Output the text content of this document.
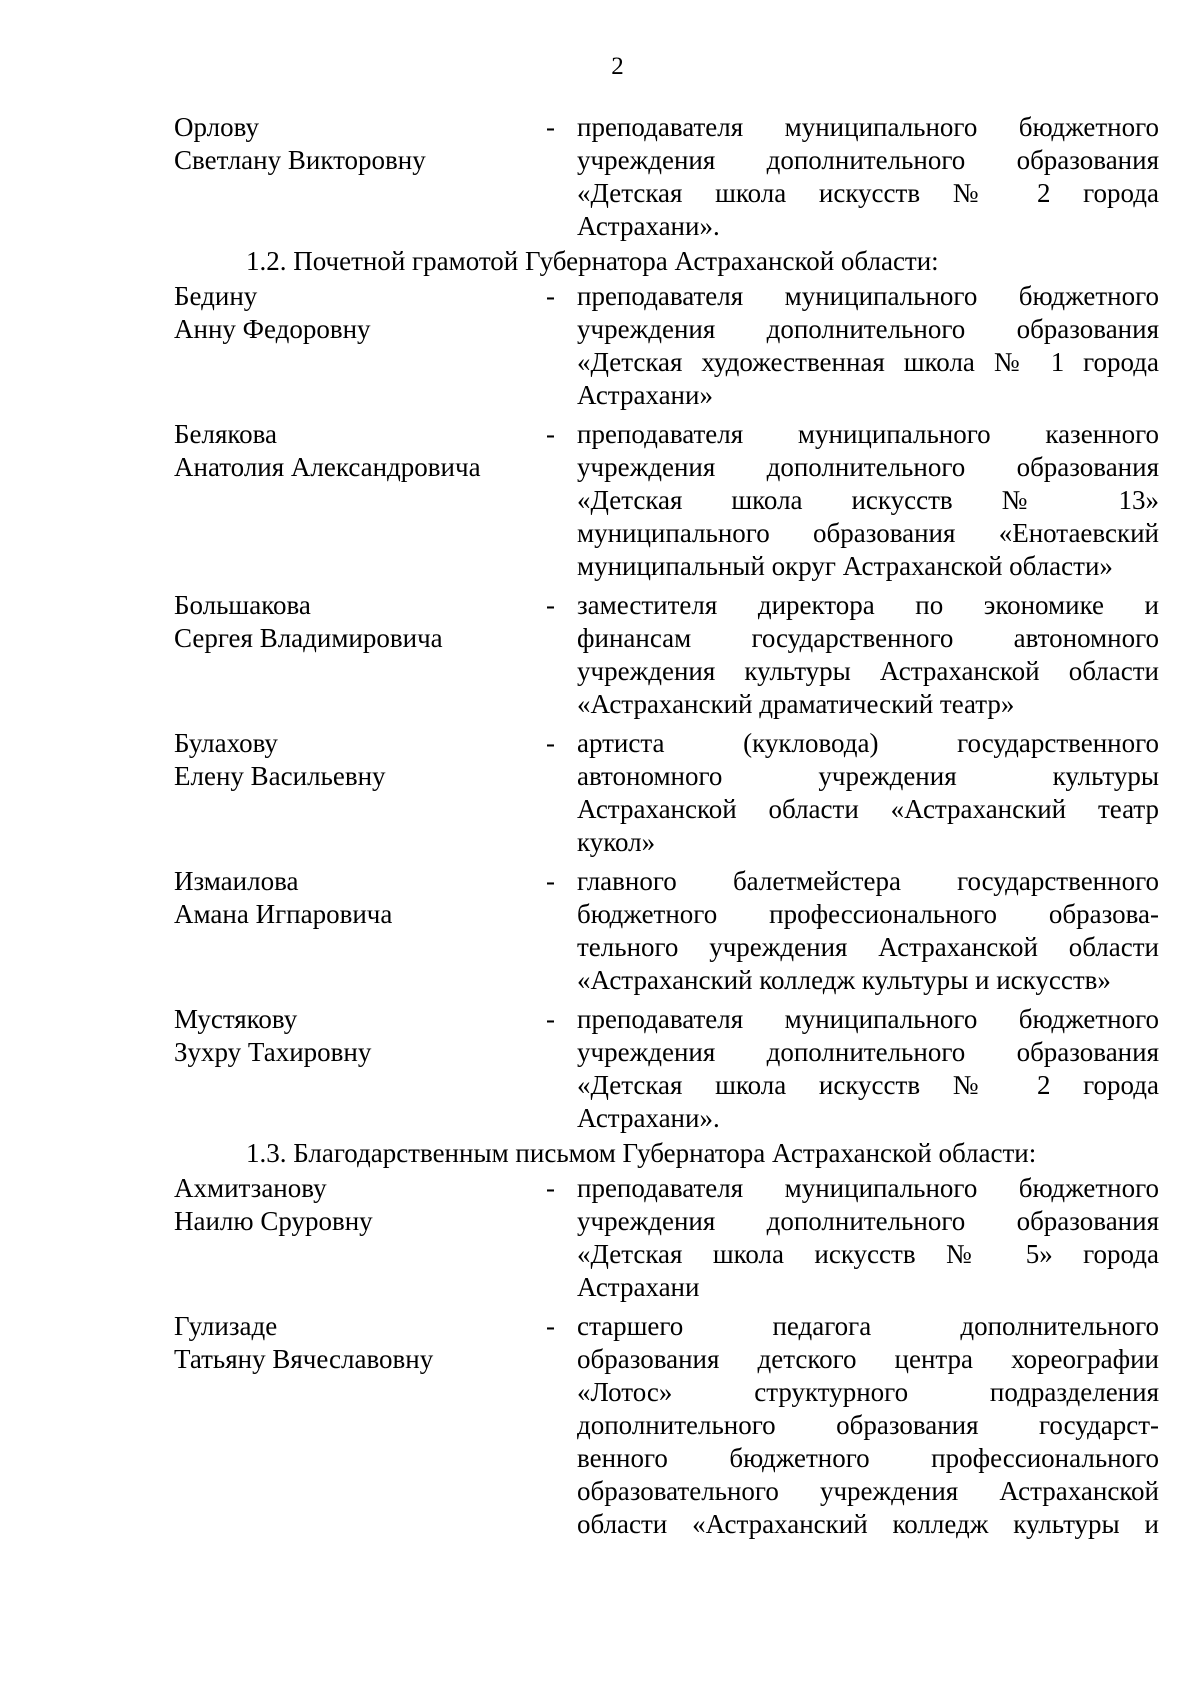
2
Орлову
Светлану Викторовну
- преподавателя муниципального бюджетного
учреждения дополнительного образования
«Детская школа искусств № 2 города
Астрахани».
1.2. Почетной грамотой Губернатора Астраханской области:
Бедину
Анну Федоровну
- преподавателя муниципального бюджетного
учреждения дополнительного образования
«Детская художественная школа № 1 города
Астрахани»
Белякова
Анатолия Александровича
- преподавателя муниципального казенного
учреждения дополнительного образования
«Детская школа искусств № 13»
муниципального образования «Енотаевский
муниципальный округ Астраханской области»
Большакова
Сергея Владимировича
- заместителя директора по экономике и
финансам государственного автономного
учреждения культуры Астраханской области
«Астраханский драматический театр»
Булахову
Елену Васильевну
- артиста (кукловода) государственного
автономного учреждения культуры
Астраханской области «Астраханский театр
кукол»
Измаилова
Амана Игпаровича
- главного балетмейстера государственного
бюджетного профессионального образова-
тельного учреждения Астраханской области
«Астраханский колледж культуры и искусств»
Мустякову
Зухру Тахировну
- преподавателя муниципального бюджетного
учреждения дополнительного образования
«Детская школа искусств № 2 города
Астрахани».
1.3. Благодарственным письмом Губернатора Астраханской области:
Ахмитзанову
Наилю Сруровну
- преподавателя муниципального бюджетного
учреждения дополнительного образования
«Детская школа искусств № 5» города
Астрахани
Гулизаде
Татьяну Вячеславовну
- старшего педагога дополнительного
образования детского центра хореографии
«Лотос» структурного подразделения
дополнительного образования государст-
венного бюджетного профессионального
образовательного учреждения Астраханской
области «Астраханский колледж культуры и
